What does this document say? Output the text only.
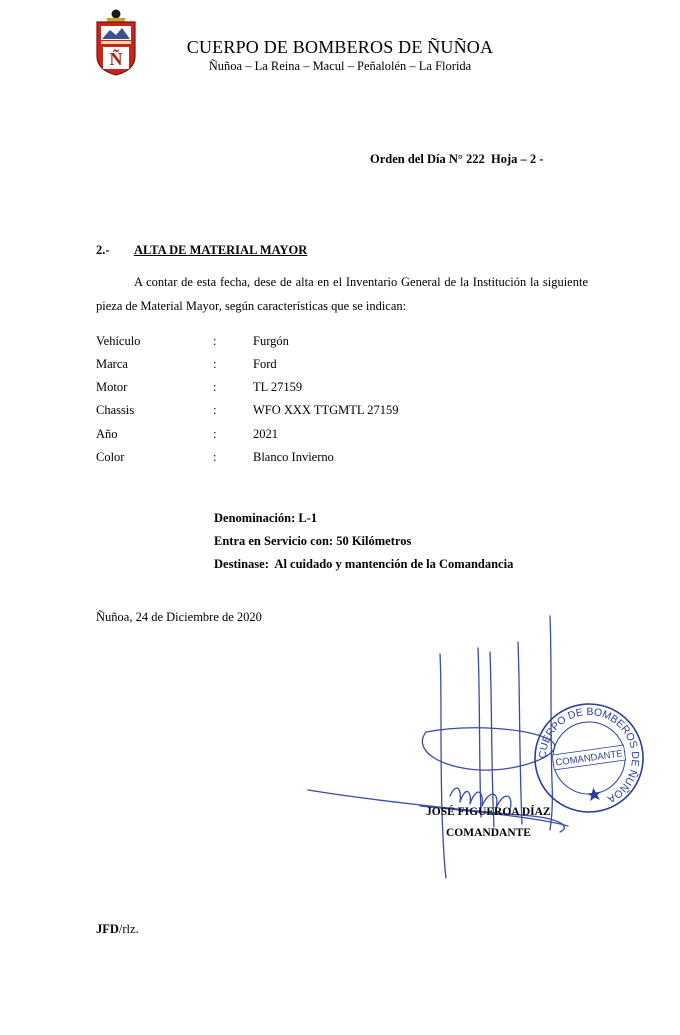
Ñ
CUERPO DE BOMBEROS DE ÑUÑOA
Ñuñoa – La Reina – Macul – Peñalolén – La Florida
Orden del Día N° 222  Hoja – 2 -
2.- ALTA DE MATERIAL MAYOR
A contar de esta fecha, dese de alta en el Inventario General de la Institución la siguiente pieza de Material Mayor, según características que se indican:
Vehículo	:	Furgón
Marca	:	Ford
Motor	:	TL 27159
Chassis	:	WFO XXX TTGMTL 27159
Año	:	2021
Color	:	Blanco Invierno
Denominación: L-1
Entra en Servicio con: 50 Kilómetros
Destinase:  Al cuidado y mantención de la Comandancia
Ñuñoa, 24 de Diciembre de 2020
JOSÉ FIGUEROA DÍAZ
COMANDANTE
CUERPO DE BOMBEROS DE ÑUÑOA
COMANDANTE
JFD/rlz.
